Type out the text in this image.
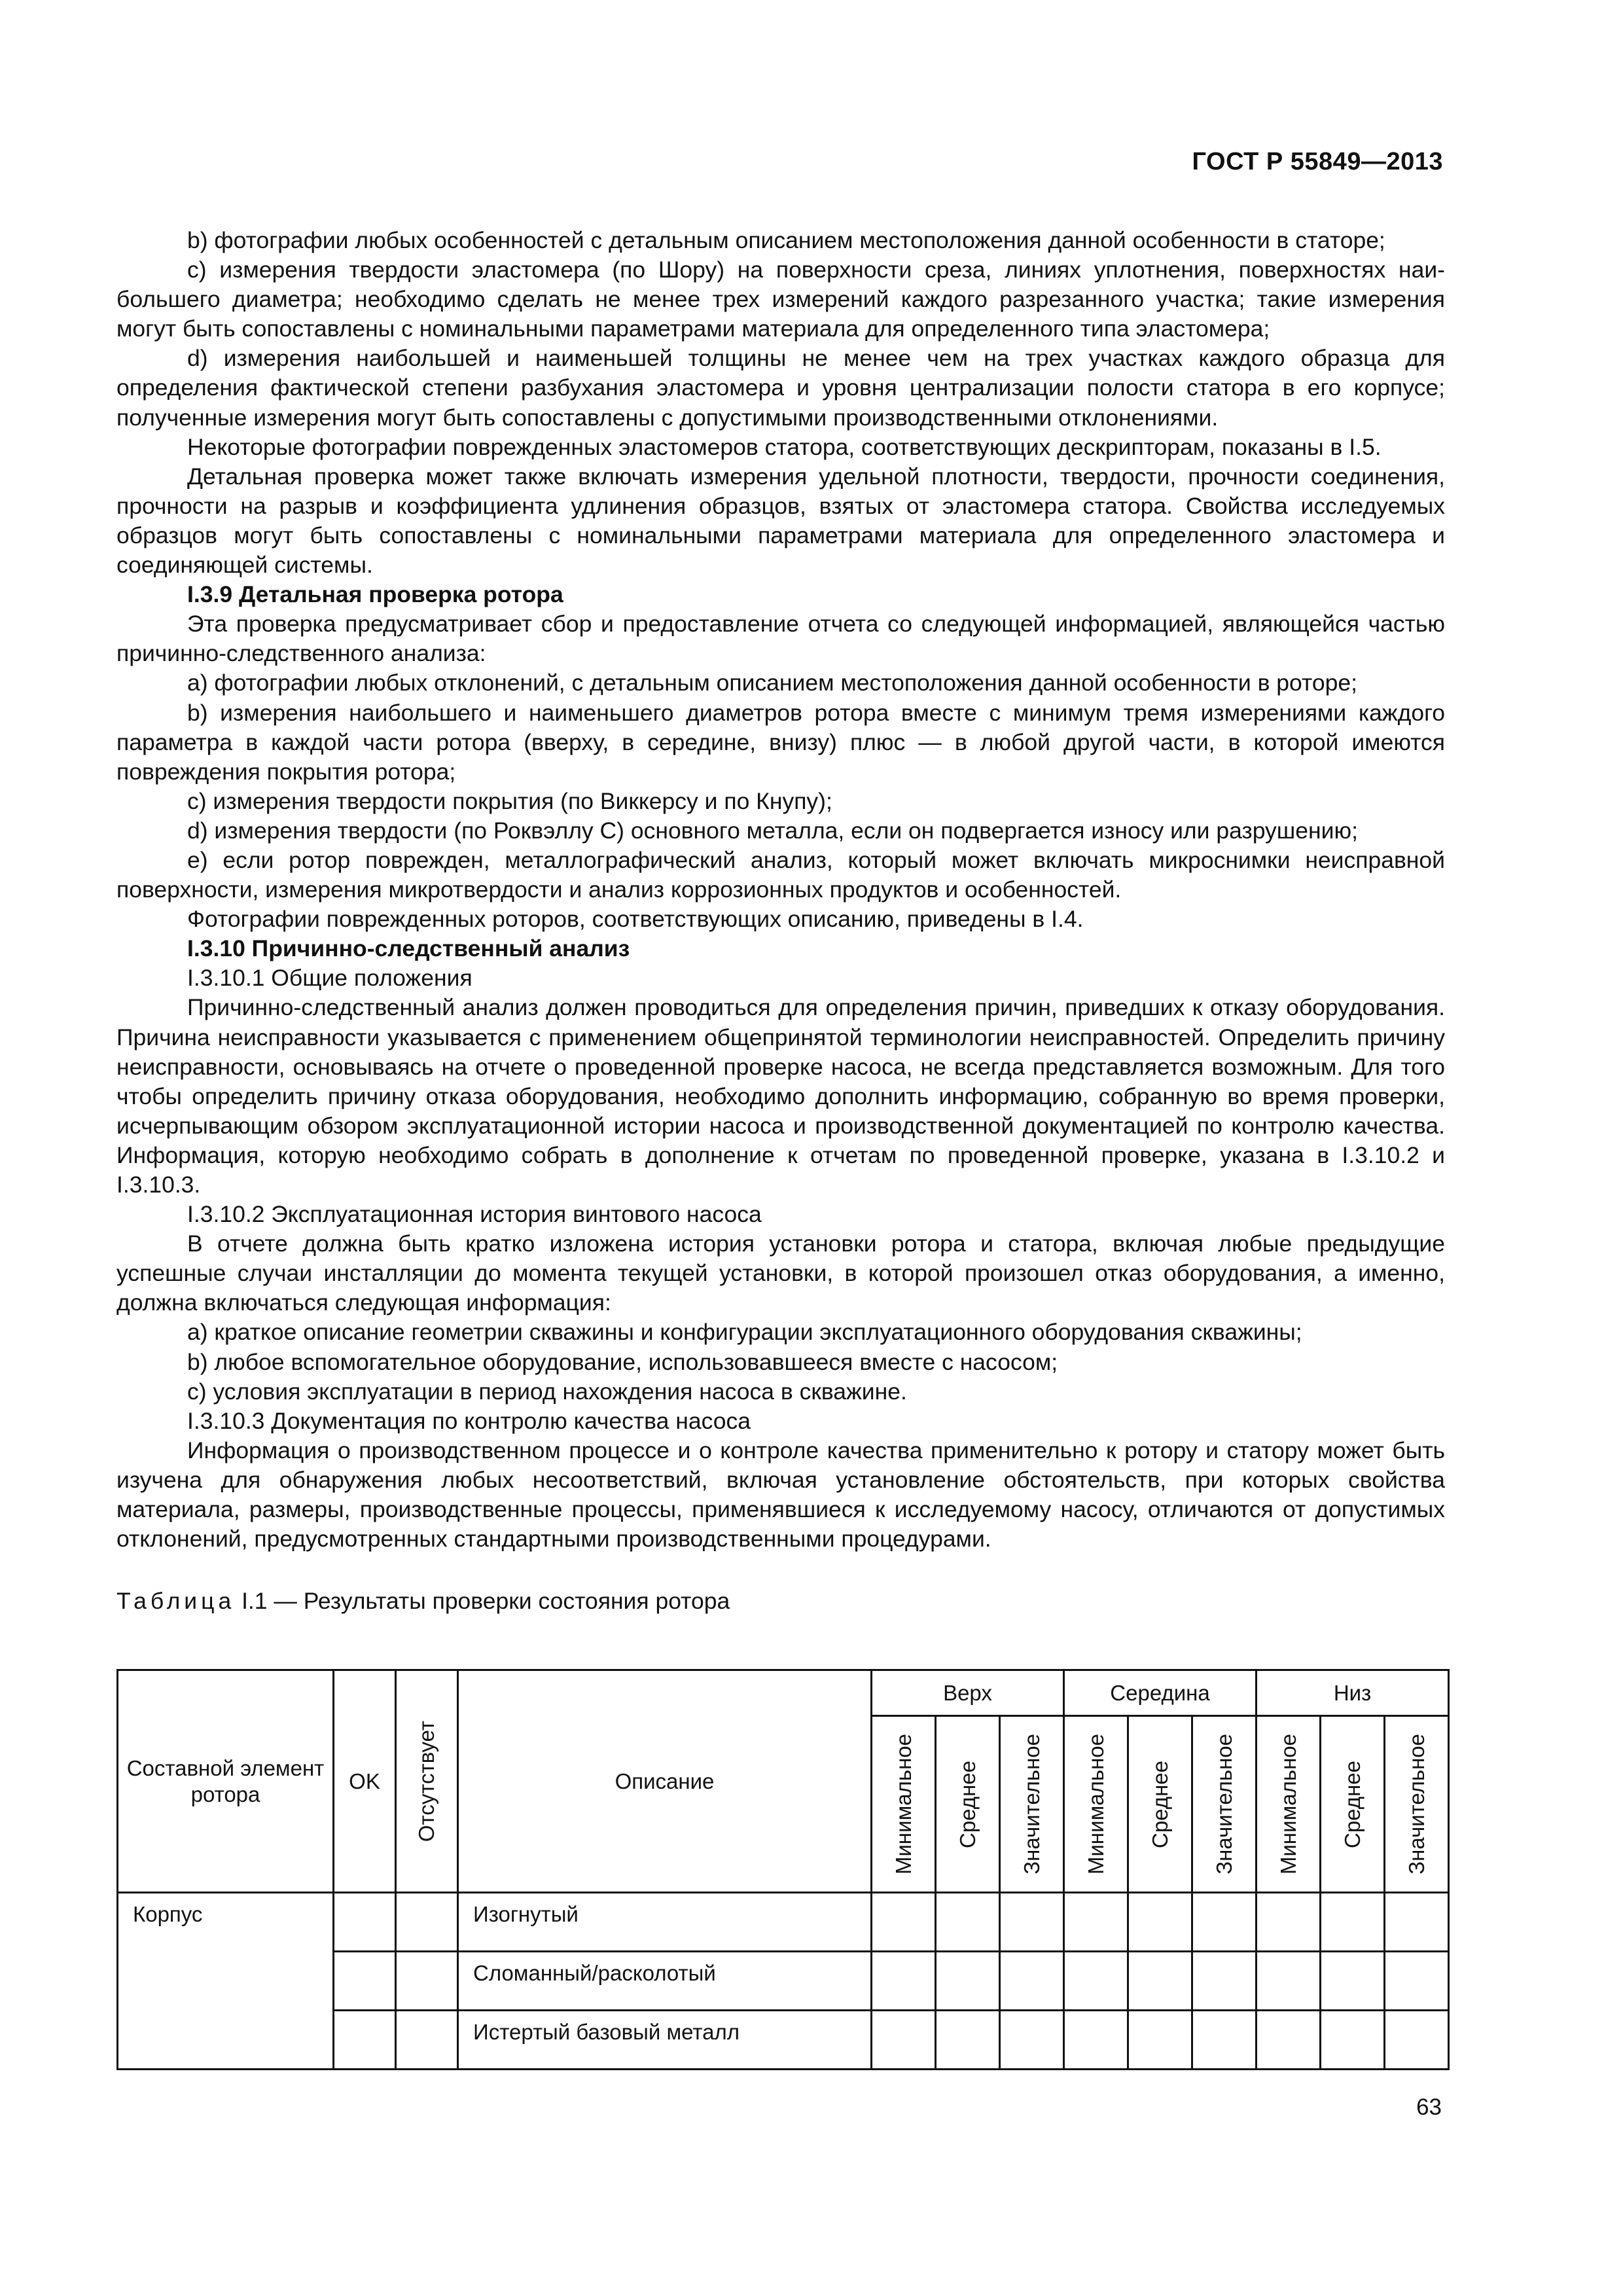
ГОСТ Р 55849—2013

b) фотографии любых особенностей с детальным описанием местоположения данной особенности в статоре;

c) измерения твердости эластомера (по Шору) на поверхности среза, линиях уплотнения, поверхностях наибольшего диаметра; необходимо сделать не менее трех измерений каждого разрезанного участка; такие измерения могут быть сопоставлены с номинальными параметрами материала для определенного типа эластомера;

d) измерения наибольшей и наименьшей толщины не менее чем на трех участках каждого образца для определения фактической степени разбухания эластомера и уровня централизации полости статора в его корпусе; полученные измерения могут быть сопоставлены с допустимыми производственными отклонениями.

Некоторые фотографии поврежденных эластомеров статора, соответствующих дескрипторам, показаны в I.5.

Детальная проверка может также включать измерения удельной плотности, твердости, прочности соединения, прочности на разрыв и коэффициента удлинения образцов, взятых от эластомера статора. Свойства исследуемых образцов могут быть сопоставлены с номинальными параметрами материала для определенного эластомера и соединяющей системы.

I.3.9 Детальная проверка ротора

Эта проверка предусматривает сбор и предоставление отчета со следующей информацией, являющейся частью причинно-следственного анализа:

a) фотографии любых отклонений, с детальным описанием местоположения данной особенности в роторе;

b) измерения наибольшего и наименьшего диаметров ротора вместе с минимум тремя измерениями каждого параметра в каждой части ротора (вверху, в середине, внизу) плюс — в любой другой части, в которой имеются повреждения покрытия ротора;

c) измерения твердости покрытия (по Виккерсу и по Кнупу);

d) измерения твердости (по Роквэллу С) основного металла, если он подвергается износу или разрушению;

e) если ротор поврежден, металлографический анализ, который может включать микроснимки неисправной поверхности, измерения микротвердости и анализ коррозионных продуктов и особенностей.

Фотографии поврежденных роторов, соответствующих описанию, приведены в I.4.

I.3.10 Причинно-следственный анализ

I.3.10.1 Общие положения

Причинно-следственный анализ должен проводиться для определения причин, приведших к отказу оборудования. Причина неисправности указывается с применением общепринятой терминологии неисправностей. Определить причину неисправности, основываясь на отчете о проведенной проверке насоса, не всегда представляется возможным. Для того чтобы определить причину отказа оборудования, необходимо дополнить информацию, собранную во время проверки, исчерпывающим обзором эксплуатационной истории насоса и производственной документацией по контролю качества. Информация, которую необходимо собрать в дополнение к отчетам по проведенной проверке, указана в I.3.10.2 и I.3.10.3.

I.3.10.2 Эксплуатационная история винтового насоса

В отчете должна быть кратко изложена история установки ротора и статора, включая любые предыдущие успешные случаи инсталляции до момента текущей установки, в которой произошел отказ оборудования, а именно, должна включаться следующая информация:

a) краткое описание геометрии скважины и конфигурации эксплуатационного оборудования скважины;

b) любое вспомогательное оборудование, использовавшееся вместе с насосом;

c) условия эксплуатации в период нахождения насоса в скважине.

I.3.10.3 Документация по контролю качества насоса

Информация о производственном процессе и о контроле качества применительно к ротору и статору может быть изучена для обнаружения любых несоответствий, включая установление обстоятельств, при которых свойства материала, размеры, производственные процессы, применявшиеся к исследуемому насосу, отличаются от допустимых отклонений, предусмотренных стандартными производственными процедурами.

Таблица I.1 — Результаты проверки состояния ротора

Составной элемент ротора	OK	Отсутствует	Описание	Верх			Середина			Низ		

				Минимальное	Среднее	Значительное	Минимальное	Среднее	Значительное	Минимальное	Среднее	Значительное

Корпус			Изогнутый									

			Сломанный/расколотый									

			Истертый базовый металл									

63
